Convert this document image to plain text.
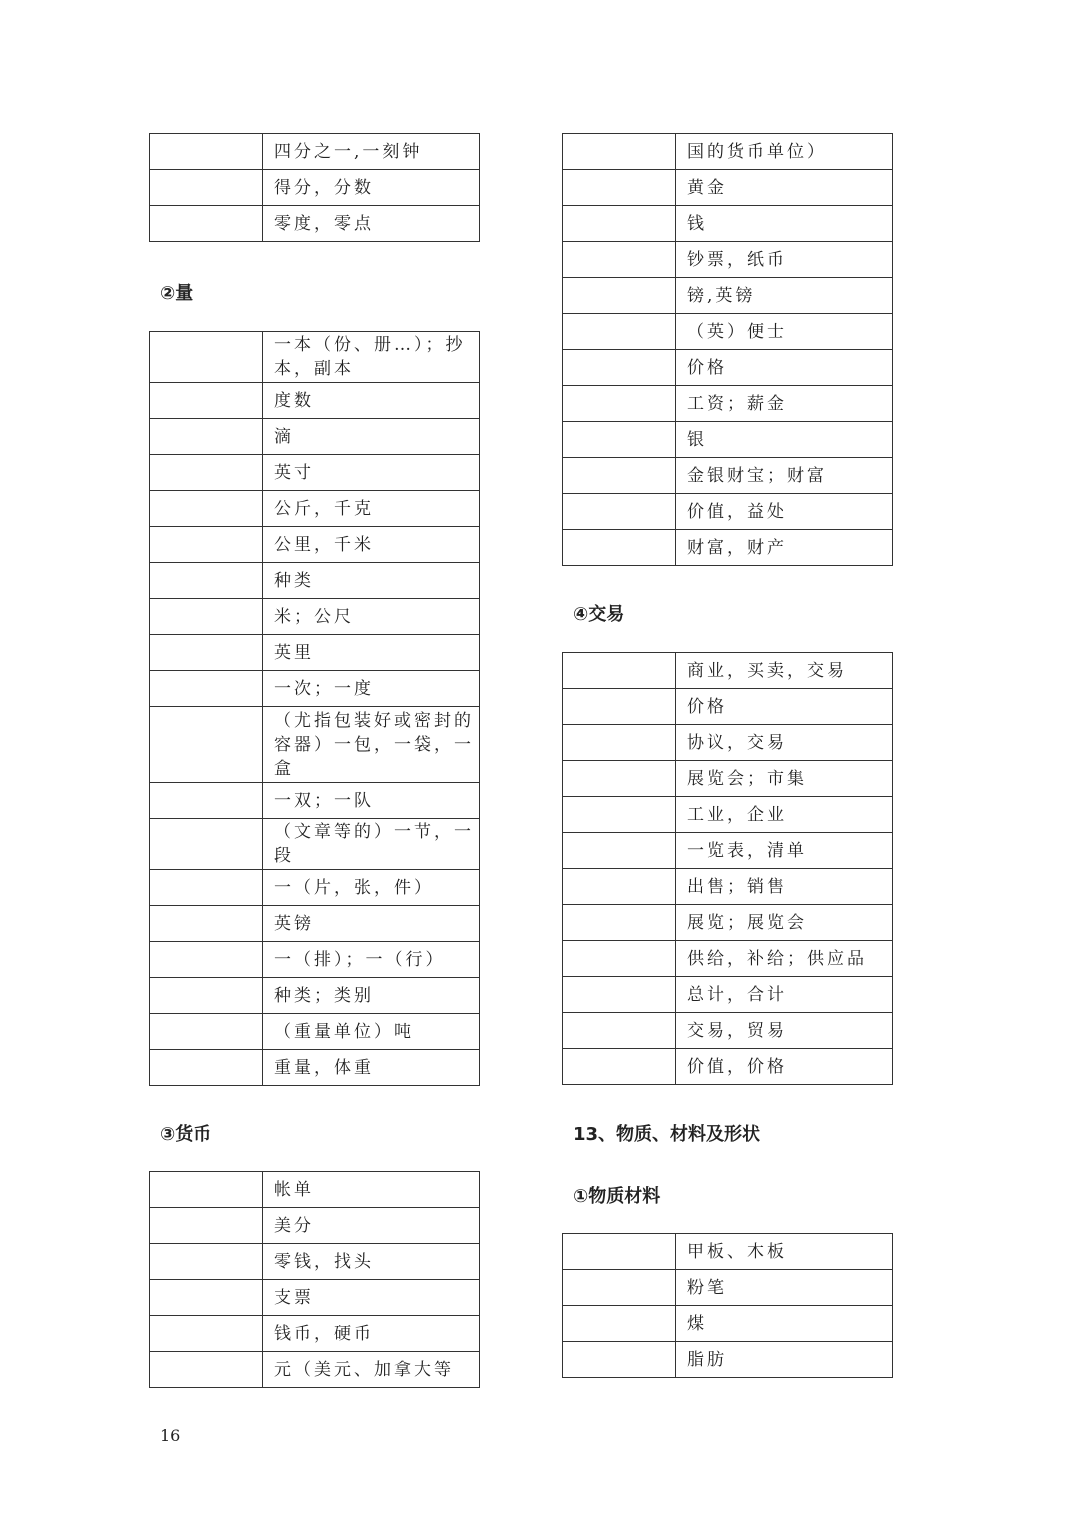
	四分之一,一刻钟
	得分，分数
	零度，零点
②量
	一本（份、册…）；抄本，副本
	度数
	滴
	英寸
	公斤，千克
	公里，千米
	种类
	米；公尺
	英里
	一次；一度
	（尤指包装好或密封的容器）一包，一袋，一盒
	一双；一队
	（文章等的）一节，一段
	一（片，张，件）
	英镑
	一（排）；一（行）
	种类；类别
	（重量单位）吨
	重量，体重
③货币
	帐单
	美分
	零钱，找头
	支票
	钱币，硬币
	元（美元、加拿大等
	国的货币单位）
	黄金
	钱
	钞票，纸币
	镑,英镑
	（英）便士
	价格
	工资；薪金
	银
	金银财宝；财富
	价值，益处
	财富，财产
④交易
	商业，买卖，交易
	价格
	协议，交易
	展览会；市集
	工业，企业
	一览表，清单
	出售；销售
	展览；展览会
	供给，补给；供应品
	总计，合计
	交易，贸易
	价值，价格
13、物质、材料及形状
①物质材料
	甲板、木板
	粉笔
	煤
	脂肪
16
